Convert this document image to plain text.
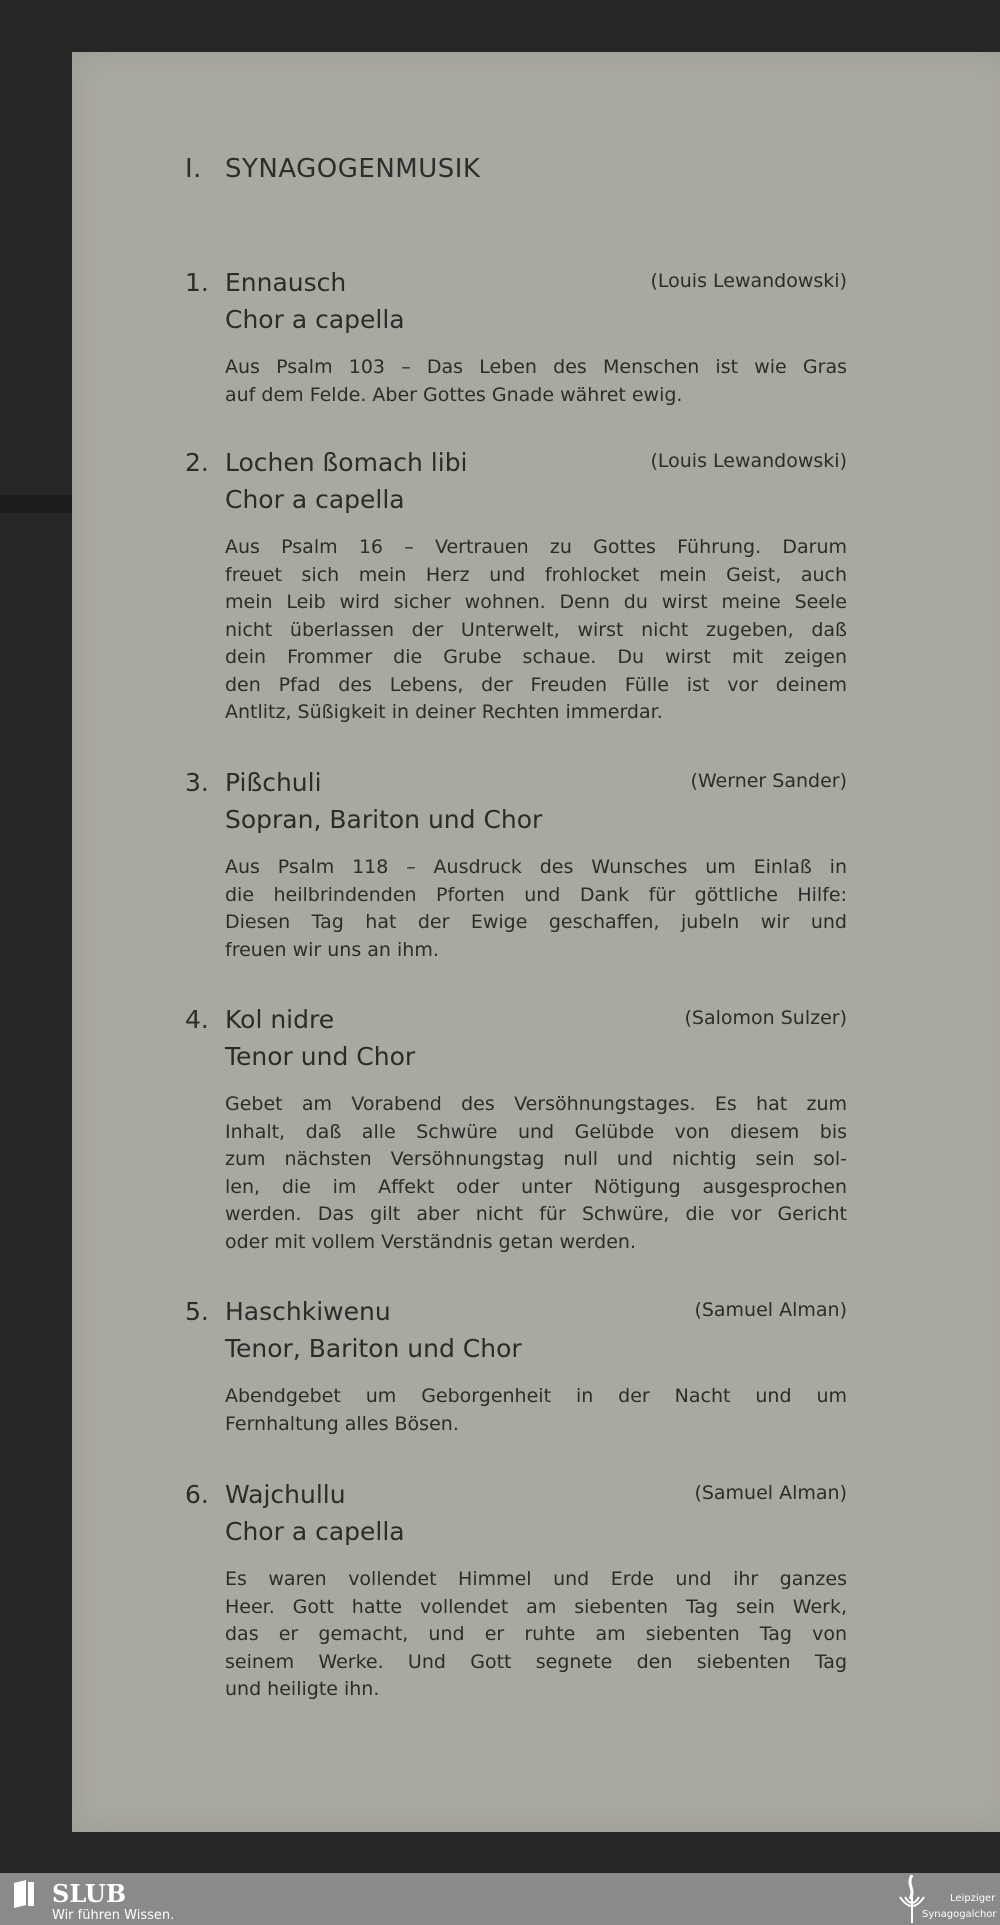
I. SYNAGOGENMUSIK
1. Ennausch	(Louis Lewandowski)
Chor a capella
Aus Psalm 103 – Das Leben des Menschen ist wie Gras
auf dem Felde. Aber Gottes Gnade währet ewig.
2. Lochen ßomach libi	(Louis Lewandowski)
Chor a capella
Aus Psalm 16 – Vertrauen zu Gottes Führung. Darum
freuet sich mein Herz und frohlocket mein Geist, auch
mein Leib wird sicher wohnen. Denn du wirst meine Seele
nicht überlassen der Unterwelt, wirst nicht zugeben, daß
dein Frommer die Grube schaue. Du wirst mit zeigen
den Pfad des Lebens, der Freuden Fülle ist vor deinem
Antlitz, Süßigkeit in deiner Rechten immerdar.
3. Pißchuli	(Werner Sander)
Sopran, Bariton und Chor
Aus Psalm 118 – Ausdruck des Wunsches um Einlaß in
die heilbrindenden Pforten und Dank für göttliche Hilfe:
Diesen Tag hat der Ewige geschaffen, jubeln wir und
freuen wir uns an ihm.
4. Kol nidre	(Salomon Sulzer)
Tenor und Chor
Gebet am Vorabend des Versöhnungstages. Es hat zum
Inhalt, daß alle Schwüre und Gelübde von diesem bis
zum nächsten Versöhnungstag null und nichtig sein sol-
len, die im Affekt oder unter Nötigung ausgesprochen
werden. Das gilt aber nicht für Schwüre, die vor Gericht
oder mit vollem Verständnis getan werden.
5. Haschkiwenu	(Samuel Alman)
Tenor, Bariton und Chor
Abendgebet um Geborgenheit in der Nacht und um
Fernhaltung alles Bösen.
6. Wajchullu	(Samuel Alman)
Chor a capella
Es waren vollendet Himmel und Erde und ihr ganzes
Heer. Gott hatte vollendet am siebenten Tag sein Werk,
das er gemacht, und er ruhte am siebenten Tag von
seinem Werke. Und Gott segnete den siebenten Tag
und heiligte ihn.
SLUB
Wir führen Wissen.
Leipziger
Synagogalchor
